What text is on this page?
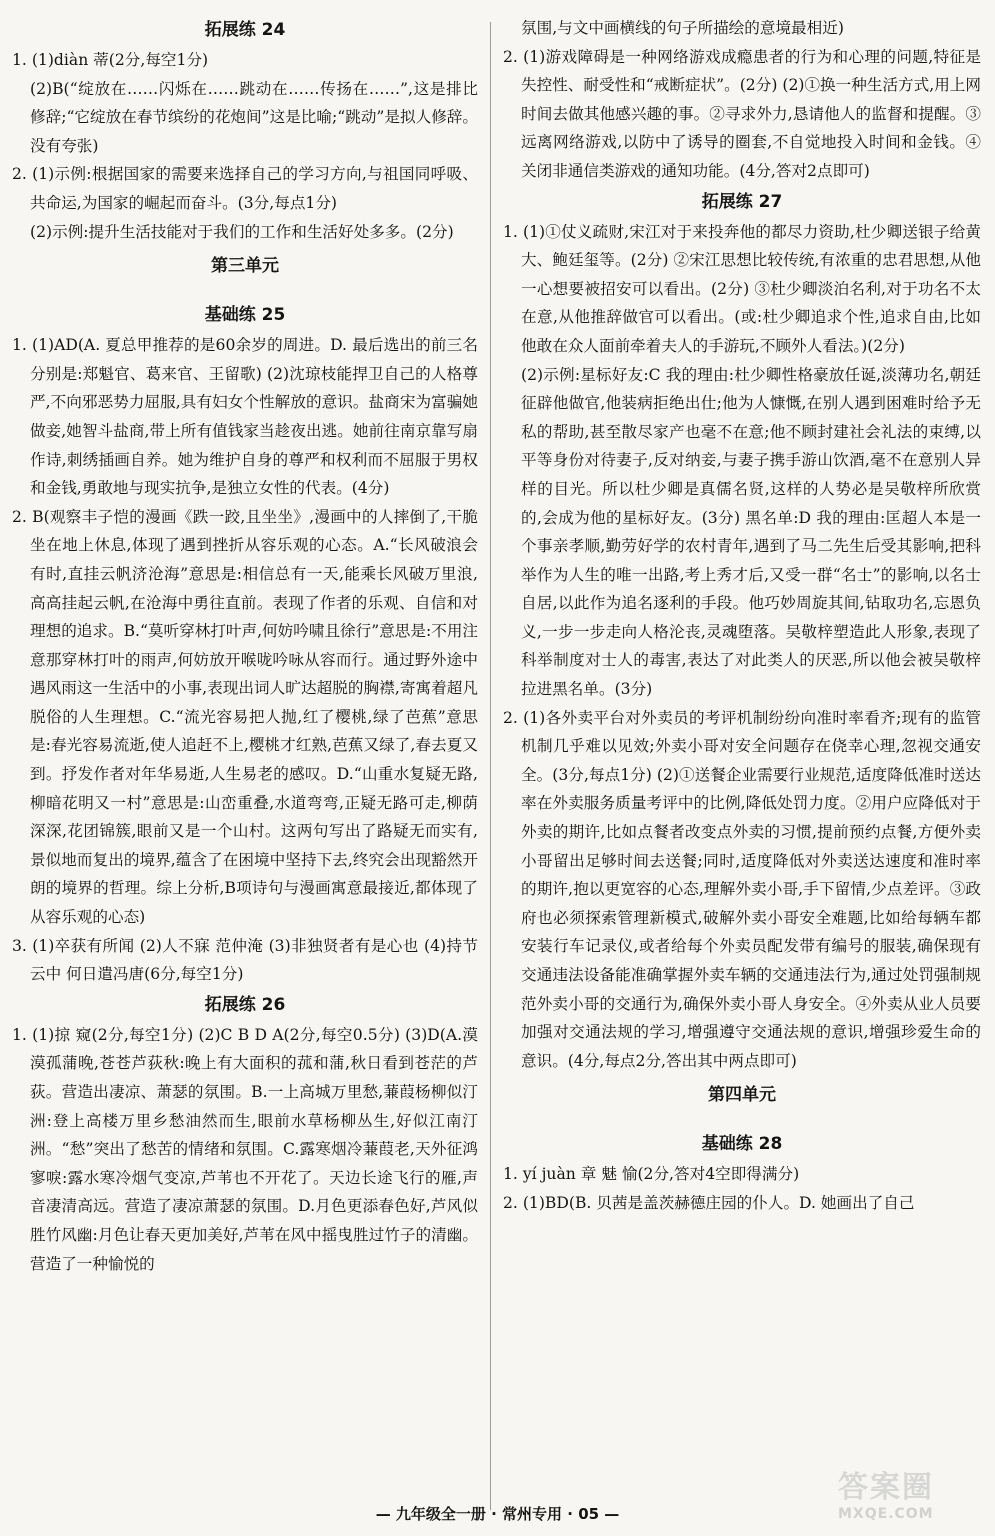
拓展练 24

1. (1)diàn 蒂(2分,每空1分)

(2)B(“绽放在……闪烁在……跳动在……传扬在……”,这是排比修辞;“它绽放在春节缤纷的花炮间”这是比喻;“跳动”是拟人修辞。没有夸张)

2. (1)示例:根据国家的需要来选择自己的学习方向,与祖国同呼吸、共命运,为国家的崛起而奋斗。(3分,每点1分)

(2)示例:提升生活技能对于我们的工作和生活好处多多。(2分)

第三单元

基础练 25

1. (1)AD(A. 夏总甲推荐的是60余岁的周进。D. 最后选出的前三名分别是:郑魁官、葛来官、王留歌) (2)沈琼枝能捍卫自己的人格尊严,不向邪恶势力屈服,具有妇女个性解放的意识。盐商宋为富骗她做妾,她智斗盐商,带上所有值钱家当趁夜出逃。她前往南京靠写扇作诗,刺绣插画自养。她为维护自身的尊严和权利而不屈服于男权和金钱,勇敢地与现实抗争,是独立女性的代表。(4分)

2. B(观察丰子恺的漫画《跌一跤,且坐坐》,漫画中的人摔倒了,干脆坐在地上休息,体现了遇到挫折从容乐观的心态。A.“长风破浪会有时,直挂云帆济沧海”意思是:相信总有一天,能乘长风破万里浪,高高挂起云帆,在沧海中勇往直前。表现了作者的乐观、自信和对理想的追求。B.“莫听穿林打叶声,何妨吟啸且徐行”意思是:不用注意那穿林打叶的雨声,何妨放开喉咙吟咏从容而行。通过野外途中遇风雨这一生活中的小事,表现出词人旷达超脱的胸襟,寄寓着超凡脱俗的人生理想。C.“流光容易把人抛,红了樱桃,绿了芭蕉”意思是:春光容易流逝,使人追赶不上,樱桃才红熟,芭蕉又绿了,春去夏又到。抒发作者对年华易逝,人生易老的感叹。D.“山重水复疑无路,柳暗花明又一村”意思是:山峦重叠,水道弯弯,正疑无路可走,柳荫深深,花团锦簇,眼前又是一个山村。这两句写出了路疑无而实有,景似地而复出的境界,蕴含了在困境中坚持下去,终究会出现豁然开朗的境界的哲理。综上分析,B项诗句与漫画寓意最接近,都体现了从容乐观的心态)

3. (1)卒获有所闻 (2)人不寐 范仲淹 (3)非独贤者有是心也 (4)持节云中 何日遣冯唐(6分,每空1分)

拓展练 26

1. (1)掠 窥(2分,每空1分) (2)C B D A(2分,每空0.5分) (3)D(A.漠漠孤蒲晚,苍苍芦荻秋:晚上有大面积的菰和蒲,秋日看到苍茫的芦荻。营造出凄凉、萧瑟的氛围。B.一上高城万里愁,蒹葭杨柳似汀洲:登上高楼万里乡愁油然而生,眼前水草杨柳丛生,好似江南汀洲。“愁”突出了愁苦的情绪和氛围。C.露寒烟冷蒹葭老,天外征鸿寥唳:露水寒冷烟气变凉,芦苇也不开花了。天边长途飞行的雁,声音凄清高远。营造了凄凉萧瑟的氛围。D.月色更添春色好,芦风似胜竹风幽:月色让春天更加美好,芦苇在风中摇曳胜过竹子的清幽。营造了一种愉悦的

氛围,与文中画横线的句子所描绘的意境最相近)

2. (1)游戏障碍是一种网络游戏成瘾患者的行为和心理的问题,特征是失控性、耐受性和“戒断症状”。(2分) (2)①换一种生活方式,用上网时间去做其他感兴趣的事。②寻求外力,恳请他人的监督和提醒。③远离网络游戏,以防中了诱导的圈套,不自觉地投入时间和金钱。④关闭非通信类游戏的通知功能。(4分,答对2点即可)

拓展练 27

1. (1)①仗义疏财,宋江对于来投奔他的都尽力资助,杜少卿送银子给黄大、鲍廷玺等。(2分) ②宋江思想比较传统,有浓重的忠君思想,从他一心想要被招安可以看出。(2分) ③杜少卿淡泊名利,对于功名不太在意,从他推辞做官可以看出。(或:杜少卿追求个性,追求自由,比如他敢在众人面前牵着夫人的手游玩,不顾外人看法。)(2分)

(2)示例:星标好友:C 我的理由:杜少卿性格豪放任诞,淡薄功名,朝廷征辟他做官,他装病拒绝出仕;他为人慷慨,在别人遇到困难时给予无私的帮助,甚至散尽家产也毫不在意;他不顾封建社会礼法的束缚,以平等身份对待妻子,反对纳妾,与妻子携手游山饮酒,毫不在意别人异样的目光。所以杜少卿是真儒名贤,这样的人势必是吴敬梓所欣赏的,会成为他的星标好友。(3分) 黑名单:D 我的理由:匡超人本是一个事亲孝顺,勤劳好学的农村青年,遇到了马二先生后受其影响,把科举作为人生的唯一出路,考上秀才后,又受一群“名士”的影响,以名士自居,以此作为追名逐利的手段。他巧妙周旋其间,钻取功名,忘恩负义,一步一步走向人格沦丧,灵魂堕落。吴敬梓塑造此人形象,表现了科举制度对士人的毒害,表达了对此类人的厌恶,所以他会被吴敬梓拉进黑名单。(3分)

2. (1)各外卖平台对外卖员的考评机制纷纷向准时率看齐;现有的监管机制几乎难以见效;外卖小哥对安全问题存在侥幸心理,忽视交通安全。(3分,每点1分) (2)①送餐企业需要行业规范,适度降低准时送达率在外卖服务质量考评中的比例,降低处罚力度。②用户应降低对于外卖的期许,比如点餐者改变点外卖的习惯,提前预约点餐,方便外卖小哥留出足够时间去送餐;同时,适度降低对外卖送达速度和准时率的期许,抱以更宽容的心态,理解外卖小哥,手下留情,少点差评。③政府也必须探索管理新模式,破解外卖小哥安全难题,比如给每辆车都安装行车记录仪,或者给每个外卖员配发带有编号的服装,确保现有交通违法设备能准确掌握外卖车辆的交通违法行为,通过处罚强制规范外卖小哥的交通行为,确保外卖小哥人身安全。④外卖从业人员要加强对交通法规的学习,增强遵守交通法规的意识,增强珍爱生命的意识。(4分,每点2分,答出其中两点即可)

第四单元

基础练 28

1. yí juàn 章 魅 愉(2分,答对4空即得满分)

2. (1)BD(B. 贝茜是盖茨赫德庄园的仆人。D. 她画出了自己

— 九年级全一册 · 常州专用 · 05 —
答案圈
MXQE.COM
